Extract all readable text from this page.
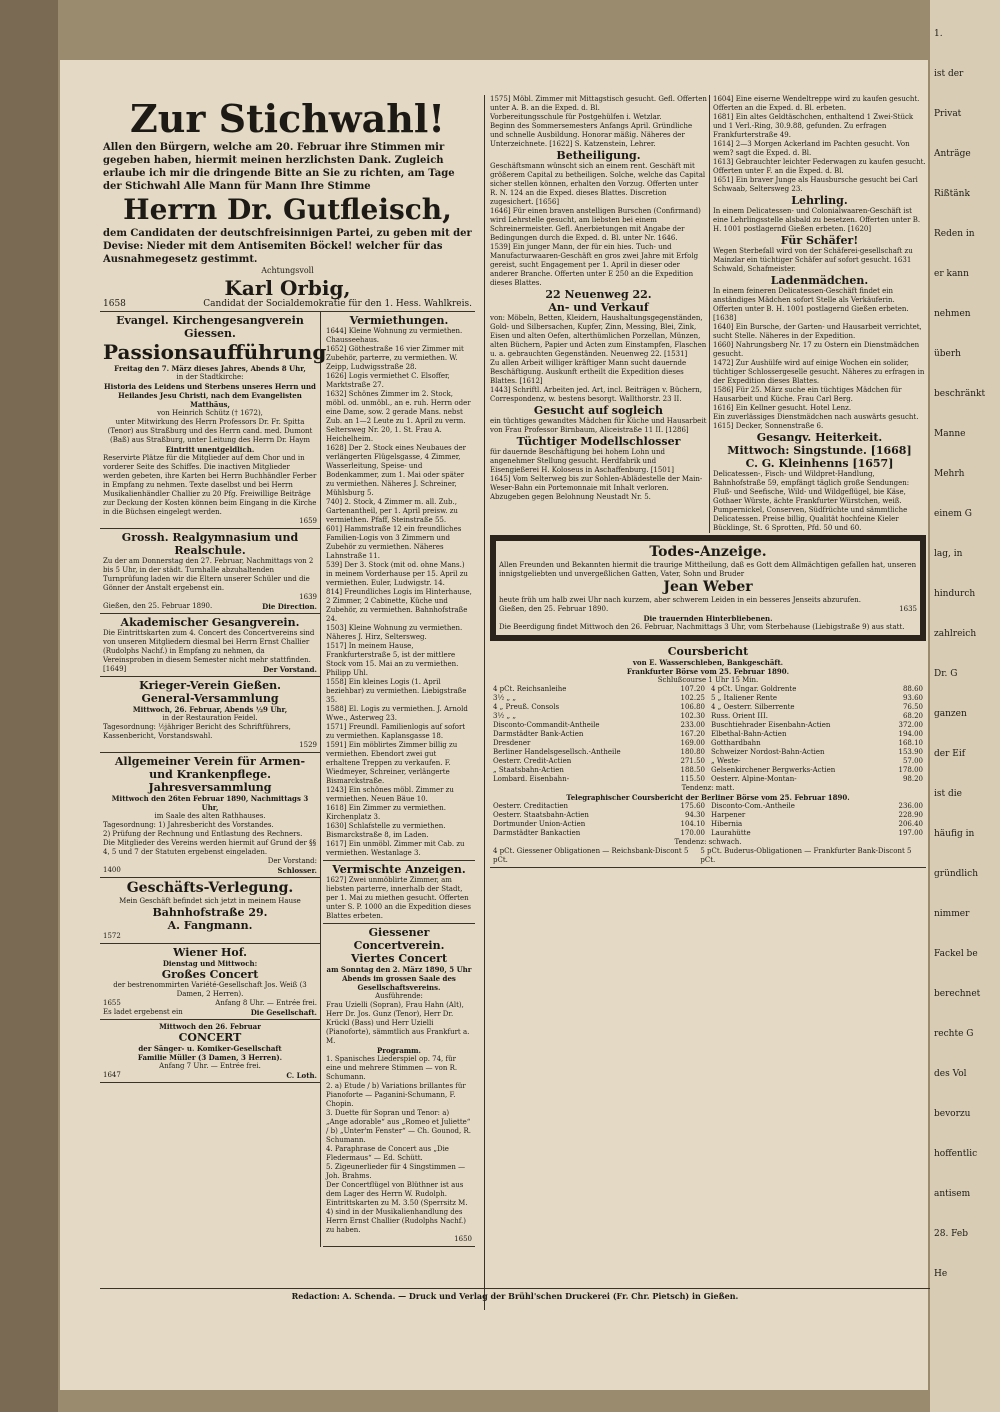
Zur Stichwahl!

Allen den Bürgern, welche am 20. Februar ihre Stimmen mir gegeben haben, hiermit meinen herzlichsten Dank. Zugleich erlaube ich mir die dringende Bitte an Sie zu richten, am Tage der Stichwahl Alle Mann für Mann Ihre Stimme

Herrn Dr. Gutfleisch,

dem Candidaten der deutschfreisinnigen Partei, zu geben mit der Devise: Nieder mit dem Antisemiten Böckel! welcher für das Ausnahmegesetz gestimmt.

Achtungsvoll

Karl Orbig,

1658	Candidat der Socialdemokratie für den 1. Hess. Wahlkreis.

Evangel. Kirchengesangverein Giessen.

Passionsaufführung

Freitag den 7. März dieses Jahres, Abends 8 Uhr,

in der Stadtkirche:

Historia des Leidens und Sterbens unseres Herrn und Heilandes Jesu Christi, nach dem Evangelisten Matthäus,

von Heinrich Schütz († 1672),

unter Mitwirkung des Herrn Professors Dr. Fr. Spitta (Tenor) aus Straßburg und des Herrn cand. med. Dumont (Baß) aus Straßburg, unter Leitung des Herrn Dr. Haym

Eintritt unentgeldlich.

Reservirte Plätze für die Mitglieder auf dem Chor und in vorderer Seite des Schiffes. Die inactiven Mitglieder werden gebeten, ihre Karten bei Herrn Buchhändler Ferber in Empfang zu nehmen. Texte daselbst und bei Herrn Musikalienhändler Challier zu 20 Pfg. Freiwillige Beiträge zur Deckung der Kosten können beim Eingang in die Kirche in die Büchsen eingelegt werden.

1659

Grossh. Realgymnasium und Realschule.

Zu der am Donnerstag den 27. Februar, Nachmittags von 2 bis 5 Uhr, in der städt. Turnhalle abzuhaltenden Turnprüfung laden wir die Eltern unserer Schüler und die Gönner der Anstalt ergebenst ein.

1639

Gießen, den 25. Februar 1890.	Die Direction.

Akademischer Gesangverein.

Die Eintrittskarten zum 4. Concert des Concertvereins sind von unseren Mitgliedern diesmal bei Herrn Ernst Challier (Rudolphs Nachf.) in Empfang zu nehmen, da Vereinsproben in diesem Semester nicht mehr stattfinden.

[1649]	Der Vorstand.

Krieger-Verein Gießen.

General-Versammlung

Mittwoch, 26. Februar, Abends ½9 Uhr,

in der Restauration Feidel.

Tagesordnung: ½jähriger Bericht des Schriftführers, Kassenbericht, Vorstandswahl.

1529

Allgemeiner Verein für Armen- und Krankenpflege.

Jahresversammlung

Mittwoch den 26ten Februar 1890, Nachmittags 3 Uhr,

im Saale des alten Rathhauses.

Tagesordnung: 1) Jahresbericht des Vorstandes.

2) Prüfung der Rechnung und Entlastung des Rechners.

Die Mitglieder des Vereins werden hiermit auf Grund der §§ 4, 5 und 7 der Statuten ergebenst eingeladen.

Der Vorstand:

1400	Schlosser.

Geschäfts-Verlegung.

Mein Geschäft befindet sich jetzt in meinem Hause

Bahnhofstraße 29.

A. Fangmann.

1572

Wiener Hof.

Dienstag und Mittwoch:

Großes Concert

der bestrenommirten Variété-Gesellschaft Jos. Weiß (3 Damen, 2 Herren).

1655	Anfang 8 Uhr. — Entrée frei.
Es ladet ergebenst ein	Die Gesellschaft.

Mittwoch den 26. Februar

CONCERT

der Sänger- u. Komiker-Gesellschaft

Familie Müller (3 Damen, 3 Herren).

Anfang 7 Uhr. — Entrée frei.

1647	C. Loth.

Vermiethungen.

1644] Kleine Wohnung zu vermiethen. Chausseehaus.

1652] Göthestraße 16 vier Zimmer mit Zubehör, parterre, zu vermiethen. W. Zeipp, Ludwigsstraße 28.

1626] Logis vermiethet C. Elsoffer, Marktstraße 27.

1632] Schönes Zimmer im 2. Stock, möbl. od. unmöbl., an e. ruh. Herrn oder eine Dame, sow. 2 gerade Mans. nebst Zub. an 1—2 Leute zu 1. April zu verm. Seltersweg Nr. 20, 1. St. Frau A. Heichelheim.

1628] Der 2. Stock eines Neubaues der verlängerten Flügelsgasse, 4 Zimmer, Wasserleitung, Speise- und Bodenkammer, zum 1. Mai oder später zu vermiethen. Näheres J. Schreiner, Mühlsburg 5.

740] 2. Stock, 4 Zimmer m. all. Zub., Gartenantheil, per 1. April preisw. zu vermiethen. Pfaff, Steinstraße 55.

601] Hammstraße 12 ein freundliches Familien-Logis von 3 Zimmern und Zubehör zu vermiethen. Näheres Lahnstraße 11.

539] Der 3. Stock (mit od. ohne Mans.) in meinem Vorderhause per 15. April zu vermiethen. Euler, Ludwigstr. 14.

814] Freundliches Logis im Hinterhause, 2 Zimmer, 2 Cabinette, Küche und Zubehör, zu vermiethen. Bahnhofstraße 24.

1503] Kleine Wohnung zu vermiethen. Näheres J. Hirz, Seltersweg.

1517] In meinem Hause, Frankfurterstraße 5, ist der mittlere Stock vom 15. Mai an zu vermiethen. Philipp Uhl.

1558] Ein kleines Logis (1. April beziehbar) zu vermiethen. Liebigstraße 35.

1588] El. Logis zu vermiethen. J. Arnold Wwe., Asterweg 23.

1571] Freundl. Familienlogis auf sofort zu vermiethen. Kaplansgasse 18.

1591] Ein möblirtes Zimmer billig zu vermiethen. Ebendort zwei gut erhaltene Treppen zu verkaufen. F. Wiedmeyer, Schreiner, verlängerte Bismarckstraße.

1243] Ein schönes möbl. Zimmer zu vermiethen. Neuen Bäue 10.

1618] Ein Zimmer zu vermiethen. Kirchenplatz 3.

1630] Schlafstelle zu vermiethen. Bismarckstraße 8, im Laden.

1617] Ein unmöbl. Zimmer mit Cab. zu vermiethen. Westanlage 3.

Vermischte Anzeigen.

1627] Zwei unmöblirte Zimmer, am liebsten parterre, innerhalb der Stadt, per 1. Mai zu miethen gesucht. Offerten unter S. P. 1000 an die Expedition dieses Blattes erbeten.

Giessener Concertverein.

Viertes Concert

am Sonntag den 2. März 1890, 5 Uhr Abends im grossen Saale des Gesellschaftsvereins.

Ausführende:

Frau Uzielli (Sopran), Frau Hahn (Alt), Herr Dr. Jos. Gunz (Tenor), Herr Dr. Krückl (Bass) und Herr Uzielli (Pianoforte), sämmtlich aus Frankfurt a. M.

Programm.

1. Spanisches Liederspiel op. 74, für eine und mehrere Stimmen — von R. Schumann.

2. a) Etude / b) Variations brillantes für Pianoforte — Paganini-Schumann, F. Chopin.

3. Duette für Sopran und Tenor: a) „Ange adorable“ aus „Romeo et Juliette“ / b) „Unter'm Fenster“ — Ch. Gounod, R. Schumann.

4. Paraphrase de Concert aus „Die Fledermaus“ — Ed. Schütt.

5. Zigeunerlieder für 4 Singstimmen — Joh. Brahms.

Der Concertflügel von Blüthner ist aus dem Lager des Herrn W. Rudolph. Eintrittskarten zu M. 3.50 (Sperrsitz M. 4) sind in der Musikalienhandlung des Herrn Ernst Challier (Rudolphs Nachf.) zu haben.

1650

1575] Möbl. Zimmer mit Mittagstisch gesucht. Gefl. Offerten unter A. B. an die Exped. d. Bl.

Vorbereitungsschule für Postgehülfen i. Wetzlar.

Beginn des Sommersemesters Anfangs April. Gründliche und schnelle Ausbildung. Honorar mäßig. Näheres der Unterzeichnete. [1622] S. Katzenstein, Lehrer.

Betheiligung.

Geschäftsmann wünscht sich an einem rent. Geschäft mit größerem Capital zu betheiligen. Solche, welche das Capital sicher stellen können, erhalten den Vorzug. Offerten unter R. N. 124 an die Exped. dieses Blattes. Discretion zugesichert. [1656]

1646] Für einen braven anstelligen Burschen (Confirmand) wird Lehrstelle gesucht, am liebsten bei einem Schreinermeister. Gefl. Anerbietungen mit Angabe der Bedingungen durch die Exped. d. Bl. unter Nr. 1646.

1539] Ein junger Mann, der für ein hies. Tuch- und Manufacturwaaren-Geschäft en gros zwei Jahre mit Erfolg gereist, sucht Engagement per 1. April in dieser oder anderer Branche. Offerten unter E 250 an die Expedition dieses Blattes.

22 Neuenweg 22.

An- und Verkauf

von: Möbeln, Betten, Kleidern, Haushaltungsgegenständen, Gold- und Silbersachen, Kupfer, Zinn, Messing, Blei, Zink, Eisen und alten Oefen, alterthümlichen Porzellan, Münzen, alten Büchern, Papier und Acten zum Einstampfen, Flaschen u. a. gebrauchten Gegenständen. Neuenweg 22. [1531]

Zu allen Arbeit williger kräftiger Mann sucht dauernde Beschäftigung. Auskunft ertheilt die Expedition dieses Blattes. [1612]

1443] Schriftl. Arbeiten jed. Art, incl. Beiträgen v. Büchern, Correspondenz, w. bestens besorgt. Wallthorstr. 23 II.

Gesucht auf sogleich

ein tüchtiges gewandtes Mädchen für Küche und Hausarbeit von Frau Professor Birnbaum, Aliceistraße 11 II. [1286]

Tüchtiger Modellschlosser

für dauernde Beschäftigung bei hohem Lohn und angenehmer Stellung gesucht. Herdfabrik und Eisengießerei H. Koloseus in Aschaffenburg. [1501]

1645] Vom Selterweg bis zur Sohlen-Ablädestelle der Main-Weser-Bahn ein Portemonnaie mit Inhalt verloren. Abzugeben gegen Belohnung Neustadt Nr. 5.

1604] Eine eiserne Wendeltreppe wird zu kaufen gesucht. Offerten an die Exped. d. Bl. erbeten.

1681] Ein altes Geldtäschchen, enthaltend 1 Zwei-Stück und 1 Verl.-Ring, 30.9.88, gefunden. Zu erfragen Frankfurterstraße 49.

1614] 2—3 Morgen Ackerland im Pachten gesucht. Von wem? sagt die Exped. d. Bl.

1613] Gebrauchter leichter Federwagen zu kaufen gesucht. Offerten unter F. an die Exped. d. Bl.

1651] Ein braver Junge als Hausbursche gesucht bei Carl Schwaab, Seltersweg 23.

Lehrling.

In einem Delicatessen- und Colonialwaaren-Geschäft ist eine Lehrlingsstelle alsbald zu besetzen. Offerten unter B. H. 1001 postlagernd Gießen erbeten. [1620]

Für Schäfer!

Wegen Sterbefall wird von der Schäferei-gesellschaft zu Mainzlar ein tüchtiger Schäfer auf sofort gesucht. 1631 Schwald, Schafmeister.

Ladenmädchen.

In einem feineren Delicatessen-Geschäft findet ein anständiges Mädchen sofort Stelle als Verkäuferin. Offerten unter B. H. 1001 postlagernd Gießen erbeten. [1638]

1640] Ein Bursche, der Garten- und Hausarbeit verrichtet, sucht Stelle. Näheres in der Expedition.

1660] Nahrungsberg Nr. 17 zu Ostern ein Dienstmädchen gesucht.

1472] Zur Aushülfe wird auf einige Wochen ein solider, tüchtiger Schlossergeselle gesucht. Näheres zu erfragen in der Expedition dieses Blattes.

1586] Für 25. März suche ein tüchtiges Mädchen für Hausarbeit und Küche. Frau Carl Berg.

1616] Ein Kellner gesucht. Hotel Lenz.

Ein zuverlässiges Dienstmädchen nach auswärts gesucht. 1615] Decker, Sonnenstraße 6.

Gesangv. Heiterkeit.

Mittwoch: Singstunde. [1668]

C. G. Kleinhenns [1657]

Delicatessen-, Fisch- und Wildpret-Handlung, Bahnhofstraße 59, empfängt täglich große Sendungen: Fluß- und Seefische, Wild- und Wildgeflügel, bie Käse, Gothaer Würste, ächte Frankfurter Würstchen, weiß. Pumpernickel, Conserven, Südfrüchte und sämmtliche Delicatessen. Preise billig, Qualität hochfeine Kieler Bücklinge, St. 6 Sprotten, Pfd. 50 und 60.

Todes-Anzeige.

Allen Freunden und Bekannten hiermit die traurige Mittheilung, daß es Gott dem Allmächtigen gefallen hat, unseren innigstgeliebten und unvergeßlichen Gatten, Vater, Sohn und Bruder

Jean Weber

heute früh um halb zwei Uhr nach kurzem, aber schwerem Leiden in ein besseres Jenseits abzurufen.

Gießen, den 25. Februar 1890.	1635

Die trauernden Hinterbliebenen.

Die Beerdigung findet Mittwoch den 26. Februar, Nachmittags 3 Uhr, vom Sterbehause (Liebigstraße 9) aus statt.

Coursbericht

von E. Wasserschleben, Bankgeschäft.

Frankfurter Börse vom 25. Februar 1890.

Schlußcourse 1 Uhr 15 Min.

4 pCt. Reichsanleihe	107.20
3½ „ „	102.25
4 „ Preuß. Consols	106.80
3½ „ „	102.30
Disconto-Commandit-Antheile	233.00
Darmstädter Bank-Actien	167.20
Dresdener	169.00
Berliner Handelsgesellsch.-Antheile	180.80
Oesterr. Credit-Actien	271.50
„ Staatsbahn-Actien	188.50
Lombard. Eisenbahn-	115.50
4 pCt. Ungar. Goldrente	88.60
5 „ Italiener Rente	93.60
4 „ Oesterr. Silberrente	76.50
Russ. Orient III.	68.20
Buschtiehrader Eisenbahn-Actien	372.00
Elbethal-Bahn-Actien	194.00
Gotthardbahn	168.10
Schweizer Nordost-Bahn-Actien	153.90
„ Weste-	57.00
Gelsenkirchener Bergwerks-Actien	178.00
Oesterr. Alpine-Montan-	98.20

Tendenz: matt.

Telegraphischer Coursbericht der Berliner Börse vom 25. Februar 1890.

Oesterr. Creditactien	175.60
Oesterr. Staatsbahn-Actien	94.30
Dortmunder Union-Actien	104.10
Darmstädter Bankactien	170.00
Disconto-Com.-Antheile	236.00
Harpener	228.90
Hibernia	206.40
Laurahütte	197.00

Tendenz: schwach.

4 pCt. Giessener Obligationen — Reichsbank-Discont 5 pCt.
5 pCt. Buderus-Obligationen — Frankfurter Bank-Discont 5 pCt.
Redaction: A. Schenda. — Druck und Verlag der Brühl'schen Druckerei (Fr. Chr. Pietsch) in Gießen.

1.

ist der

Privat

Anträge

Rißtänk

Reden in

er kann

nehmen

überh

beschränkt

Manne

Mehrh

einem G

lag, in

hindurch

zahlreich

Dr. G

ganzen

der Eif

ist die

häufig in

gründlich

nimmer

Fackel be

berechnet

rechte G

des Vol

bevorzu

hoffentlic

antisem

28. Feb

He
